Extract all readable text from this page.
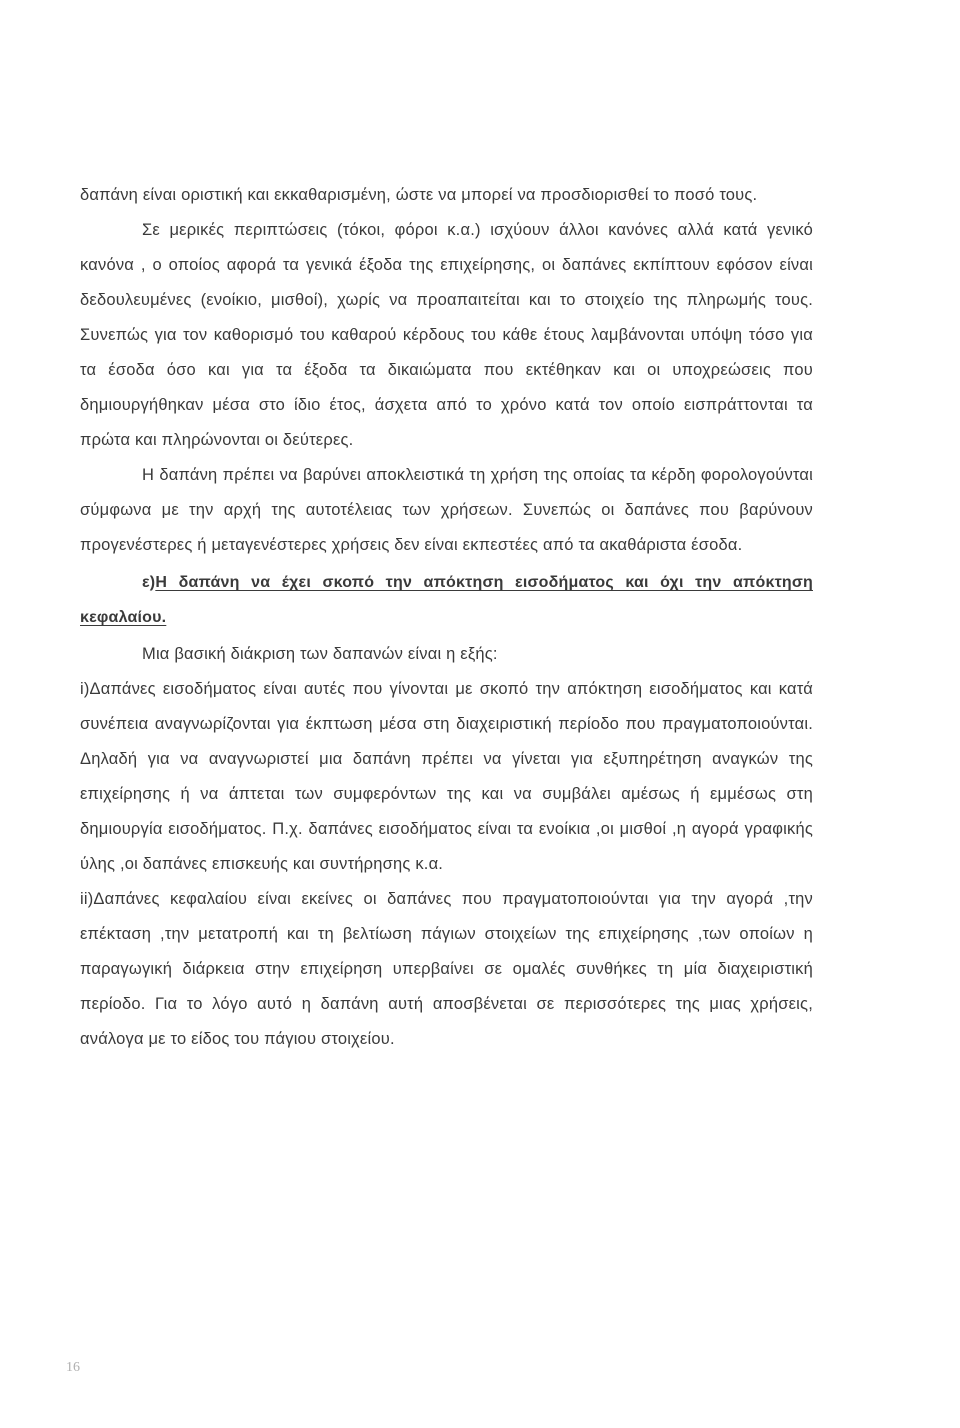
δαπάνη είναι οριστική και εκκαθαρισμένη, ώστε να μπορεί να προσδιορισθεί το ποσό τους.

Σε μερικές περιπτώσεις (τόκοι, φόροι κ.α.) ισχύουν άλλοι κανόνες αλλά κατά γενικό κανόνα , ο οποίος αφορά τα γενικά έξοδα της επιχείρησης, οι δαπάνες εκπίπτουν εφόσον είναι δεδουλευμένες (ενοίκιο, μισθοί), χωρίς να προαπαιτείται και το στοιχείο της πληρωμής τους. Συνεπώς για τον καθορισμό του καθαρού κέρδους του κάθε έτους λαμβάνονται υπόψη τόσο για τα έσοδα όσο και για τα έξοδα τα δικαιώματα που εκτέθηκαν και οι υποχρεώσεις που δημιουργήθηκαν μέσα στο ίδιο έτος, άσχετα από το χρόνο κατά τον οποίο εισπράττονται τα πρώτα και πληρώνονται οι δεύτερες.

Η δαπάνη πρέπει να βαρύνει αποκλειστικά τη χρήση της οποίας τα κέρδη φορολογούνται σύμφωνα με την αρχή της αυτοτέλειας των χρήσεων. Συνεπώς οι δαπάνες που βαρύνουν προγενέστερες ή μεταγενέστερες χρήσεις δεν είναι εκπεστέες από τα ακαθάριστα έσοδα.

ε)Η δαπάνη να έχει σκοπό την απόκτηση εισοδήματος και όχι την απόκτηση κεφαλαίου.

Μια βασική διάκριση των δαπανών είναι η εξής:

i)Δαπάνες εισοδήματος είναι αυτές που γίνονται με σκοπό την απόκτηση εισοδήματος και κατά συνέπεια αναγνωρίζονται για έκπτωση μέσα στη διαχειριστική περίοδο που πραγματοποιούνται. Δηλαδή για να αναγνωριστεί μια δαπάνη πρέπει να γίνεται για εξυπηρέτηση αναγκών της επιχείρησης ή να άπτεται των συμφερόντων της και να συμβάλει αμέσως ή εμμέσως στη δημιουργία εισοδήματος. Π.χ. δαπάνες εισοδήματος είναι τα ενοίκια ,οι μισθοί ,η αγορά γραφικής ύλης ,οι δαπάνες επισκευής και συντήρησης κ.α.

ii)Δαπάνες κεφαλαίου είναι εκείνες οι δαπάνες που πραγματοποιούνται για την αγορά ,την επέκταση ,την μετατροπή και τη βελτίωση πάγιων στοιχείων της επιχείρησης ,των οποίων η παραγωγική διάρκεια στην επιχείρηση υπερβαίνει σε ομαλές συνθήκες τη μία διαχειριστική περίοδο. Για το λόγο αυτό η δαπάνη αυτή αποσβένεται σε περισσότερες της μιας χρήσεις, ανάλογα με το είδος του πάγιου στοιχείου.

16
